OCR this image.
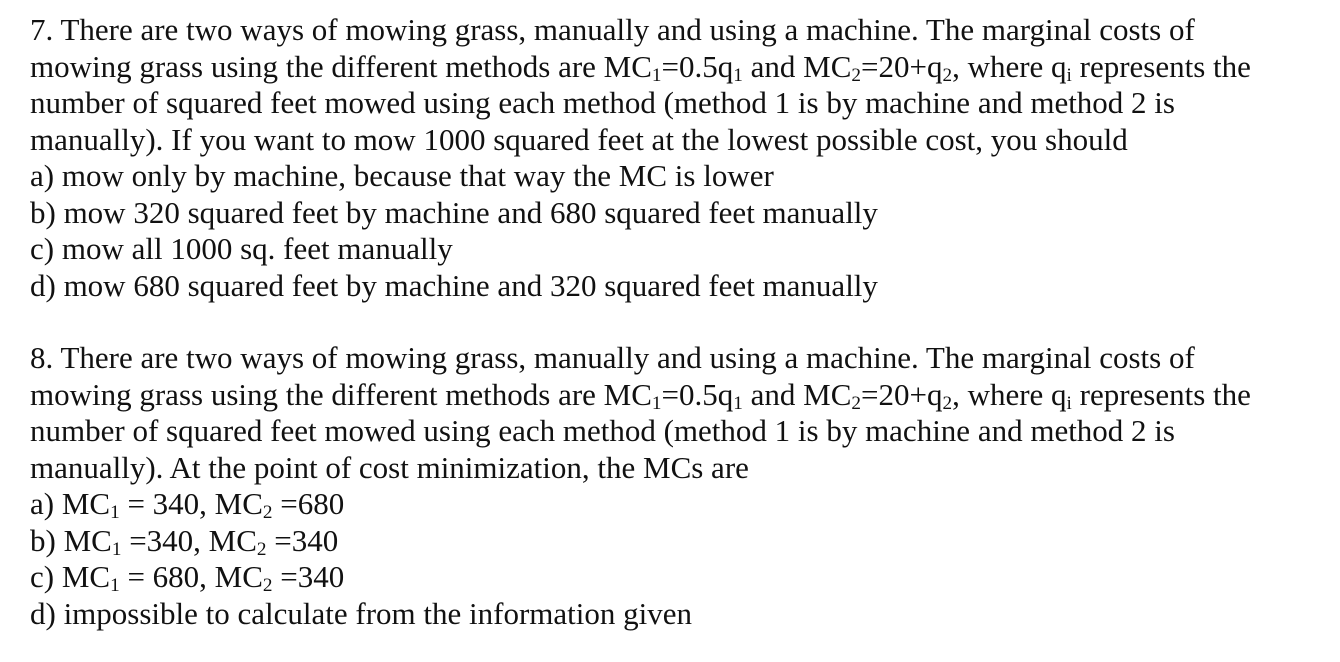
7. There are two ways of mowing grass, manually and using a machine. The marginal costs of
mowing grass using the different methods are $MC_1=0.5q_1$ and $MC_2=20+q_2$, where $q_i$ represents the
number of squared feet mowed using each method (method 1 is by machine and method 2 is
manually). If you want to mow 1000 squared feet at the lowest possible cost, you should
a) mow only by machine, because that way the MC is lower
b) mow 320 squared feet by machine and 680 squared feet manually
c) mow all 1000 sq. feet manually
d) mow 680 squared feet by machine and 320 squared feet manually
8. There are two ways of mowing grass, manually and using a machine. The marginal costs of
mowing grass using the different methods are $MC_1=0.5q_1$ and $MC_2=20+q_2$, where $q_i$ represents the
number of squared feet mowed using each method (method 1 is by machine and method 2 is
manually). At the point of cost minimization, the MCs are
a) $MC_1 = 340$, $MC_2 =680$
b) $MC_1 =340$, $MC_2 =340$
c) $MC_1 = 680$, $MC_2 =340$
d) impossible to calculate from the information given
